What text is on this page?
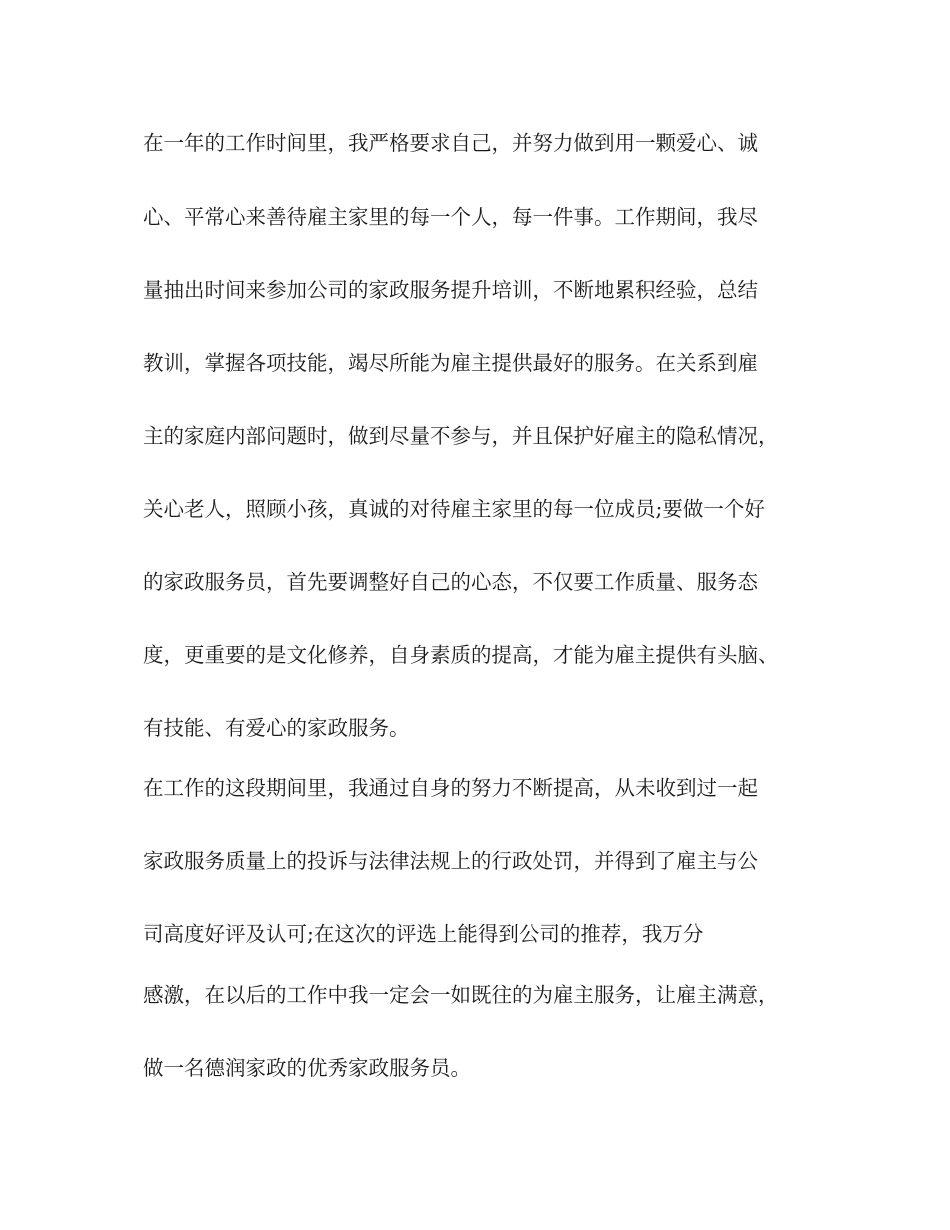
在一年的工作时间里，我严格要求自己，并努力做到用一颗爱心、诚
心、平常心来善待雇主家里的每一个人，每一件事。工作期间，我尽
量抽出时间来参加公司的家政服务提升培训，不断地累积经验，总结
教训，掌握各项技能，竭尽所能为雇主提供最好的服务。在关系到雇
主的家庭内部问题时，做到尽量不参与，并且保护好雇主的隐私情况，
关心老人，照顾小孩，真诚的对待雇主家里的每一位成员;要做一个好
的家政服务员，首先要调整好自己的心态，不仅要工作质量、服务态
度，更重要的是文化修养，自身素质的提高，才能为雇主提供有头脑、
有技能、有爱心的家政服务。
在工作的这段期间里，我通过自身的努力不断提高，从未收到过一起
家政服务质量上的投诉与法律法规上的行政处罚，并得到了雇主与公
司高度好评及认可;在这次的评选上能得到公司的推荐，我万分
感激，在以后的工作中我一定会一如既往的为雇主服务，让雇主满意，
做一名德润家政的优秀家政服务员。
